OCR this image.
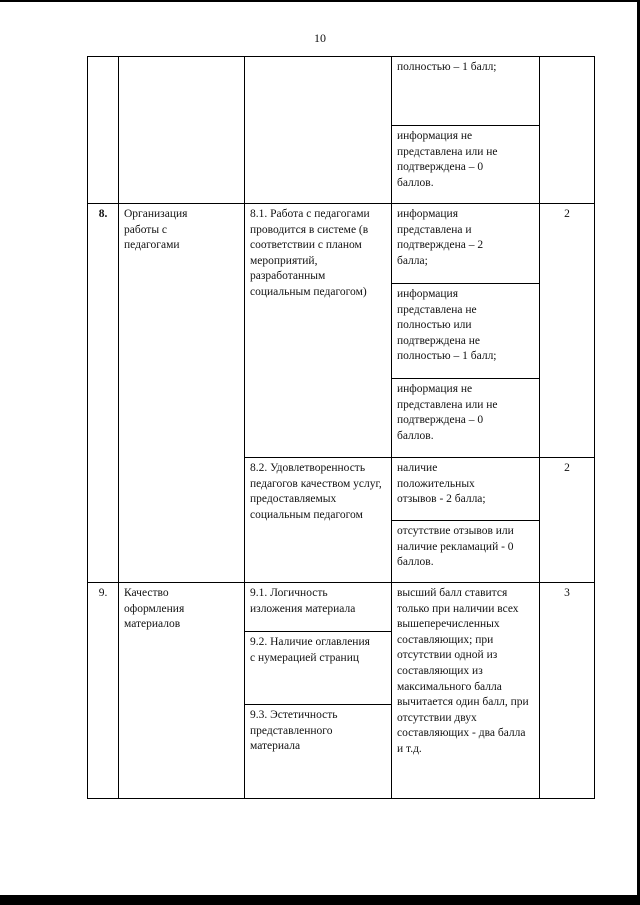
10
полностью – 1 балл;
информация не представлена или не подтверждена – 0 баллов.
8.	Организация работы с педагогами
8.1. Работа с педагогами проводится в системе (в соответствии с планом мероприятий, разработанным социальным педагогом)
информация представлена и подтверждена – 2 балла;
информация представлена не полностью или подтверждена не полностью – 1 балл;
информация не представлена или не подтверждена – 0 баллов.
2
8.2. Удовлетворенность педагогов качеством услуг, предоставляемых социальным педагогом
наличие положительных отзывов - 2 балла;
отсутствие отзывов или наличие рекламаций - 0 баллов.
2
9.	Качество оформления материалов
9.1. Логичность изложения материала
9.2. Наличие оглавления с нумерацией страниц
9.3. Эстетичность представленного материала
высший балл ставится только при наличии всех вышеперечисленных составляющих; при отсутствии одной из составляющих из максимального балла вычитается один балл, при отсутствии двух составляющих - два балла и т.д.
3
